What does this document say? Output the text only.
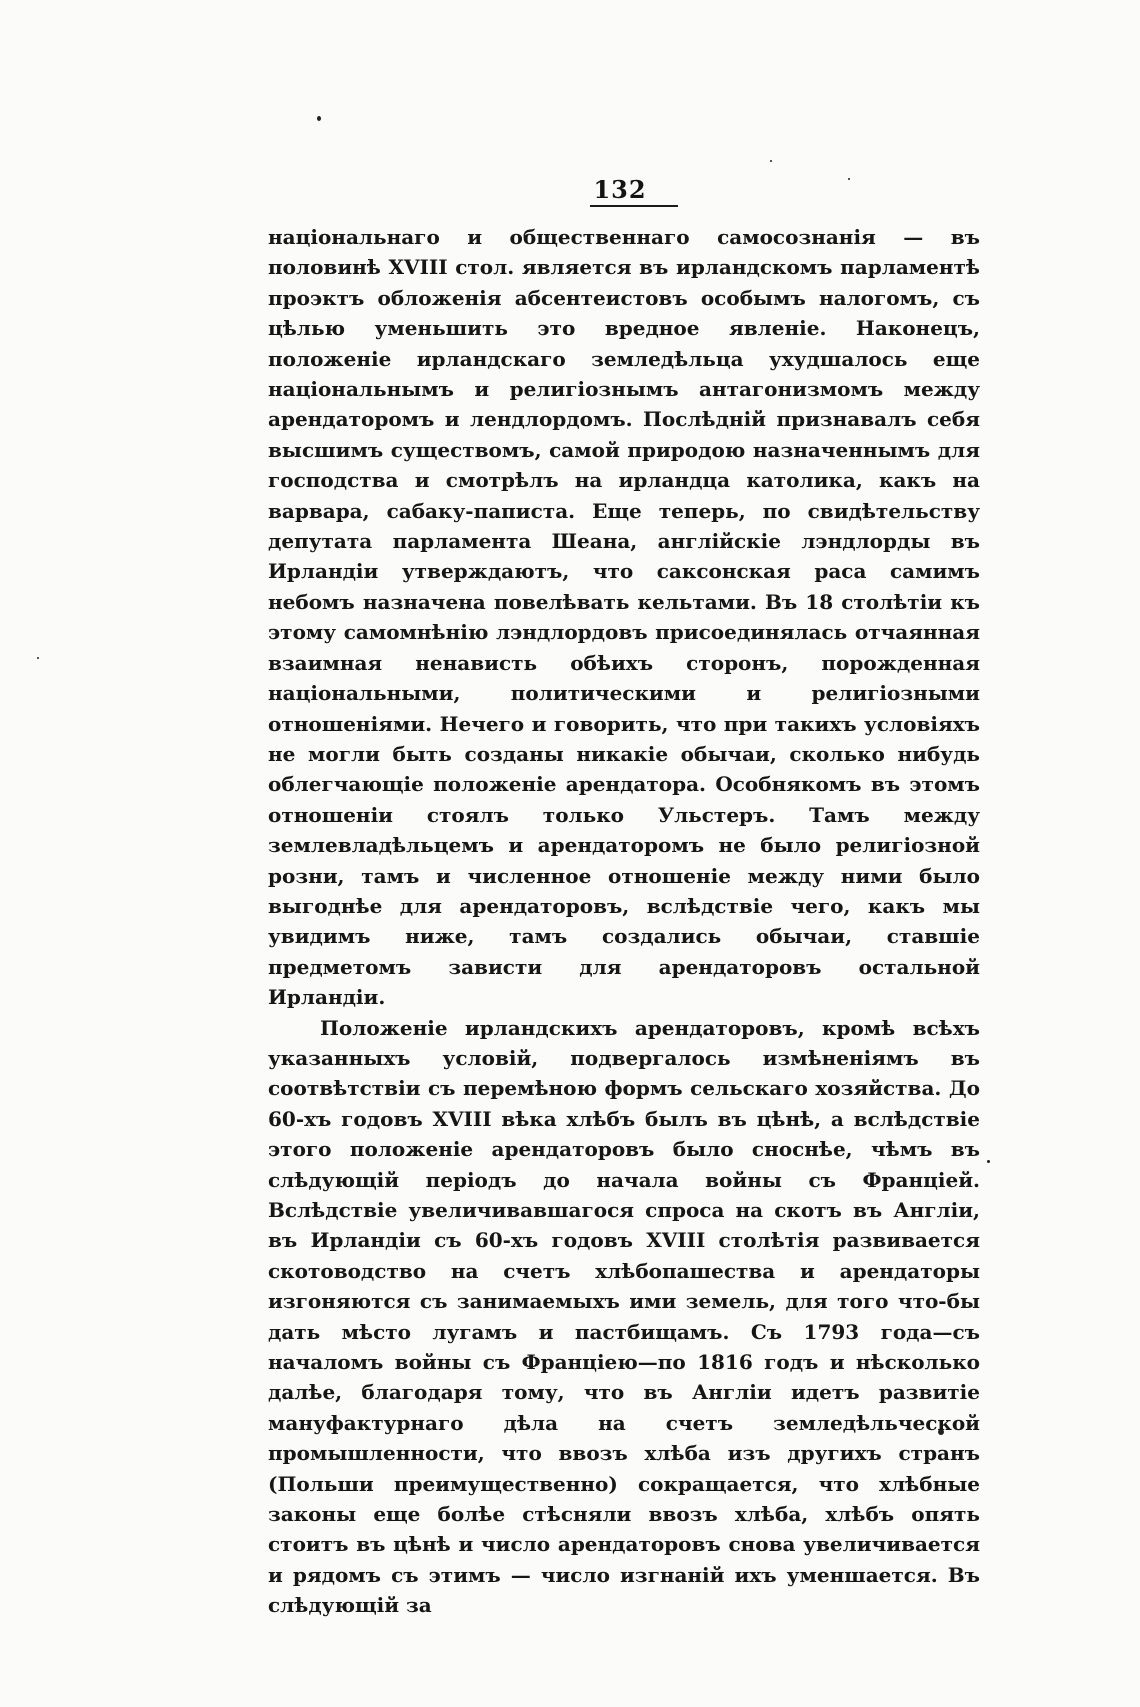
132

національнаго и общественнаго самосознанія — въ половинѣ XVIII стол. является въ ирландскомъ парламентѣ проэктъ обложенія абсентеистовъ особымъ налогомъ, съ цѣлью уменьшить это вредное явленіе. Наконецъ, положеніе ирландскаго земледѣльца ухудшалось еще національнымъ и религіознымъ антагонизмомъ между арендаторомъ и лендлордомъ. Послѣдній признавалъ себя высшимъ существомъ, самой природою назначеннымъ для господства и смотрѣлъ на ирландца католика, какъ на варвара, сабаку-паписта. Еще теперь, по свидѣтельству депутата парламента Шеана, англійскіе лэндлорды въ Ирландіи утверждаютъ, что саксонская раса самимъ небомъ назначена повелѣвать кельтами. Въ 18 столѣтіи къ этому самомнѣнію лэндлордовъ присоединялась отчаянная взаимная ненависть обѣихъ сторонъ, порожденная національными, политическими и религіозными отношеніями. Нечего и говорить, что при такихъ условіяхъ не могли быть созданы никакіе обычаи, сколько нибудь облегчающіе положеніе арендатора. Особнякомъ въ этомъ отношеніи стоялъ только Ульстеръ. Тамъ между землевладѣльцемъ и арендаторомъ не было религіозной розни, тамъ и численное отношеніе между ними было выгоднѣе для арендаторовъ, вслѣдствіе чего, какъ мы увидимъ ниже, тамъ создались обычаи, ставшіе предметомъ зависти для арендаторовъ остальной Ирландіи.

Положеніе ирландскихъ арендаторовъ, кромѣ всѣхъ указанныхъ условій, подвергалось измѣненіямъ въ соотвѣтствіи съ перемѣною формъ сельскаго хозяйства. До 60-хъ годовъ XVIII вѣка хлѣбъ былъ въ цѣнѣ, а вслѣдствіе этого положеніе арендаторовъ было сноснѣе, чѣмъ въ слѣдующій періодъ до начала войны съ Франціей. Вслѣдствіе увеличивавшагося спроса на скотъ въ Англіи, въ Ирландіи съ 60-хъ годовъ XVIII столѣтія развивается скотоводство на счетъ хлѣбопашества и арендаторы изгоняются съ занимаемыхъ ими земель, для того что-бы дать мѣсто лугамъ и пастбищамъ. Съ 1793 года—съ началомъ войны съ Франціею—по 1816 годъ и нѣсколько далѣе, благодаря тому, что въ Англіи идетъ развитіе мануфактурнаго дѣла на счетъ земледѣльческой промышленности, что ввозъ хлѣба изъ другихъ странъ (Польши преимущественно) сокращается, что хлѣбные законы еще болѣе стѣсняли ввозъ хлѣба, хлѣбъ опять стоитъ въ цѣнѣ и число арендаторовъ снова увеличивается и рядомъ съ этимъ — число изгнаній ихъ уменшается. Въ слѣдующій за
